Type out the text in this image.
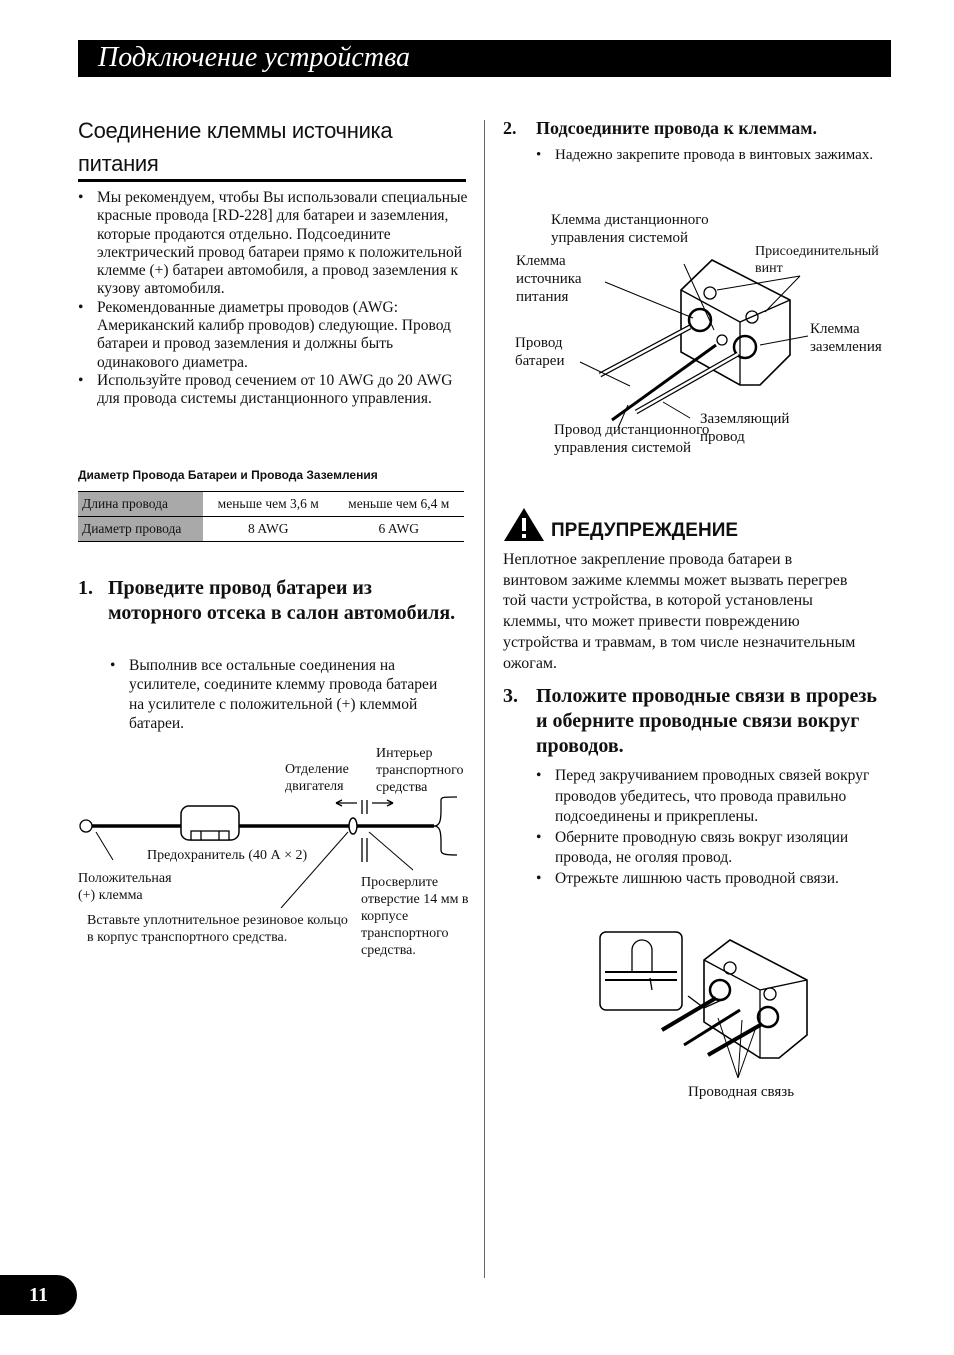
Подключение устройства
Соединение клеммы источника питания
• Мы рекомендуем, чтобы Вы использовали специальные красные провода [RD-228] для батареи и заземления, которые продаются отдельно. Подсоедините электрический провод батареи прямо к положительной клемме (+) батареи автомобиля, а провод заземления к кузову автомобиля.
• Рекомендованные диаметры проводов (AWG: Американский калибр проводов) следующие. Провод батареи и провод заземления и должны быть одинакового диаметра.
• Используйте провод сечением от 10 AWG до 20 AWG для провода системы дистанционного управления.
Диаметр Провода Батареи и Провода Заземления
Длина провода	меньше чем 3,6 м	меньше чем 6,4 м
Диаметр провода	8 AWG	6 AWG
1. Проведите провод батареи из моторного отсека в салон автомобиля.
• Выполнив все остальные соединения на усилителе, соедините клемму провода батареи на усилителе с положительной (+) клеммой батареи.
Отделение двигателя
Интерьер транспортного средства
Предохранитель (40 А × 2)
Положительная (+) клемма
Вставьте уплотнительное резиновое кольцо в корпус транспортного средства.
Просверлите отверстие 14 мм в корпусе транспортного средства.
2.	Подсоедините провода к клеммам.
• Надежно закрепите провода в винтовых зажимах.
Клемма дистанционного управления системой
Клемма источника питания
Присоединительный винт
Клемма заземления
Провод батареи
Заземляющий провод
Провод дистанционного управления системой
ПРЕДУПРЕЖДЕНИЕ
Неплотное закрепление провода батареи в винтовом зажиме клеммы может вызвать перегрев той части устройства, в которой установлены клеммы, что может привести повреждению устройства и травмам, в том числе незначительным ожогам.
3. Положите проводные связи в прорезь и оберните проводные связи вокруг проводов.
• Перед закручиванием проводных связей вокруг проводов убедитесь, что провода правильно подсоединены и прикреплены.
• Оберните проводную связь вокруг изоляции провода, не оголяя провод.
• Отрежьте лишнюю часть проводной связи.
Проводная связь
11
